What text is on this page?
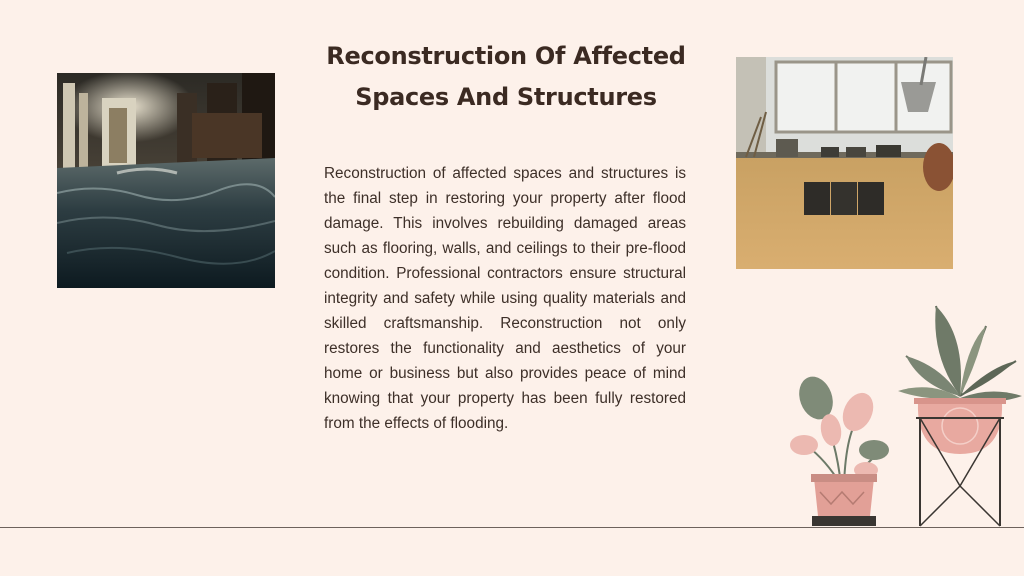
Reconstruction Of Affected
Spaces And Structures
Reconstruction of affected spaces and structures is the final step in restoring your property after flood damage. This involves rebuilding damaged areas such as flooring, walls, and ceilings to their pre-flood condition. Professional contractors ensure structural integrity and safety while using quality materials and skilled craftsmanship. Reconstruction not only restores the functionality and aesthetics of your home or business but also provides peace of mind knowing that your property has been fully restored from the effects of flooding.
